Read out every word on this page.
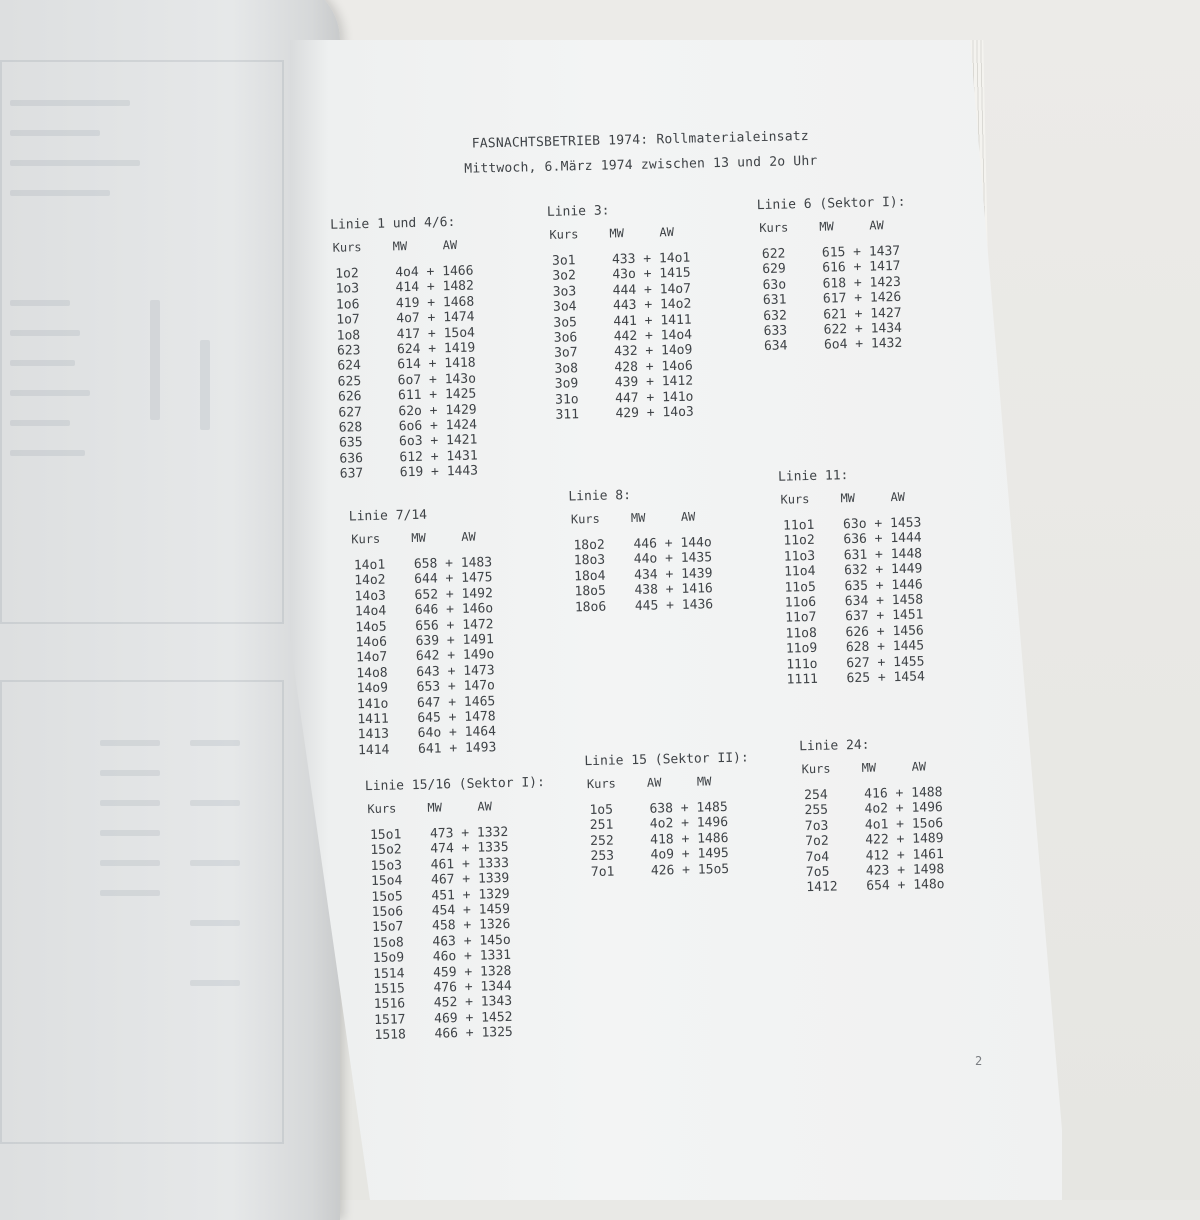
FASNACHTSBETRIEB 1974: Rollmaterialeinsatz
Mittwoch, 6.März 1974 zwischen 13 und 2o Uhr
Linie 1 und 4/6:
Kurs	MW	AW
1o2	4o4 + 1466
1o3	414 + 1482
1o6	419 + 1468
1o7	4o7 + 1474
1o8	417 + 15o4
623	624 + 1419
624	614 + 1418
625	6o7 + 143o
626	611 + 1425
627	62o + 1429
628	6o6 + 1424
635	6o3 + 1421
636	612 + 1431
637	619 + 1443
Linie 3:
Kurs	MW	AW
3o1	433 + 14o1
3o2	43o + 1415
3o3	444 + 14o7
3o4	443 + 14o2
3o5	441 + 1411
3o6	442 + 14o4
3o7	432 + 14o9
3o8	428 + 14o6
3o9	439 + 1412
31o	447 + 141o
311	429 + 14o3
Linie 6 (Sektor I):
Kurs	MW	AW
622	615 + 1437
629	616 + 1417
63o	618 + 1423
631	617 + 1426
632	621 + 1427
633	622 + 1434
634	6o4 + 1432
Linie 7/14
Kurs	MW	AW
14o1 658 + 1483
14o2 644 + 1475
14o3 652 + 1492
14o4 646 + 146o
14o5 656 + 1472
14o6 639 + 1491
14o7 642 + 149o
14o8 643 + 1473
14o9 653 + 147o
141o 647 + 1465
1411 645 + 1478
1413 64o + 1464
1414 641 + 1493
Linie 8:
Kurs	MW	AW
18o2 446 + 144o
18o3 44o + 1435
18o4 434 + 1439
18o5 438 + 1416
18o6 445 + 1436
Linie 11:
Kurs	MW	AW
11o1 63o + 1453
11o2 636 + 1444
11o3 631 + 1448
11o4 632 + 1449
11o5 635 + 1446
11o6 634 + 1458
11o7 637 + 1451
11o8 626 + 1456
11o9 628 + 1445
111o 627 + 1455
1111 625 + 1454
Linie 15/16 (Sektor I):
Kurs	MW	AW
15o1 473 + 1332
15o2 474 + 1335
15o3 461 + 1333
15o4 467 + 1339
15o5 451 + 1329
15o6 454 + 1459
15o7 458 + 1326
15o8 463 + 145o
15o9 46o + 1331
1514 459 + 1328
1515 476 + 1344
1516 452 + 1343
1517 469 + 1452
1518 466 + 1325
Linie 15 (Sektor II):
Kurs	AW	MW
1o5	638 + 1485
251	4o2 + 1496
252	418 + 1486
253	4o9 + 1495
7o1	426 + 15o5
Linie 24:
Kurs	MW	AW
254	416 + 1488
255	4o2 + 1496
7o3	4o1 + 15o6
7o2	422 + 1489
7o4	412 + 1461
7o5	423 + 1498
1412 654 + 148o
2
